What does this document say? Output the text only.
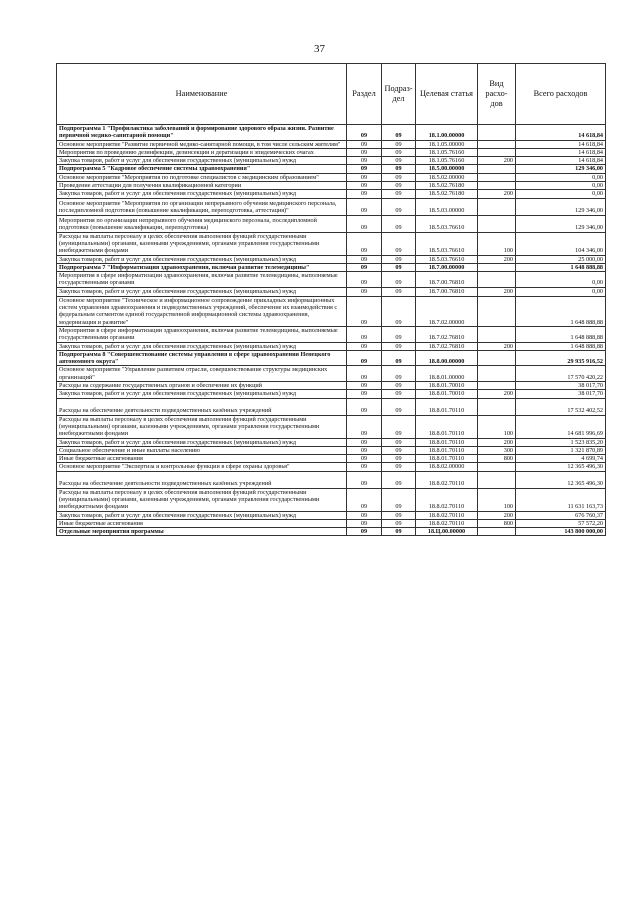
37
Наименование	Раздел	Подраз-дел	Целевая статья	Вид расхо-дов	Всего расходов
Подпрограмма 1 "Профилактика заболеваний и формирование здорового образа жизни. Развитие первичной медико-санитарной помощи"	09	09	18.1.00.00000		14 618,84
Основное мероприятие "Развитие первичной медико-санитарной помощи, в том числе сельским жителям"	09	09	18.1.05.00000		14 618,84
Мероприятия по проведению дезинфекции, дезинсекции и дератизации в эпидемических очагах	09	09	18.1.05.76160		14 618,84
Закупка товаров, работ и услуг для обеспечения государственных (муниципальных) нужд	09	09	18.1.05.76160	200	14 618,84
Подпрограмма 5 "Кадровое обеспечение системы здравоохранения"	09	09	18.5.00.00000		129 346,00
Основное мероприятие "Мероприятия по подготовке специалистов с медицинским образованием"	09	09	18.5.02.00000		0,00
Проведение аттестации для получения квалификационной категории	09	09	18.5.02.76180		0,00
Закупка товаров, работ и услуг для обеспечения государственных (муниципальных) нужд	09	09	18.5.02.76180	200	0,00
Основное мероприятие "Мероприятия по организации непрерывного обучения медицинского персонала, последипломной подготовки (повышение квалификации, переподготовка, аттестация)"	09	09	18.5.03.00000		129 346,00
Мероприятия по организации непрерывного обучения медицинского персонала, последипломной подготовки (повышение квалификации, переподготовка)	09	09	18.5.03.76610		129 346,00
Расходы на выплаты персоналу в целях обеспечения выполнения функций государственными (муниципальными) органами, казенными учреждениями, органами управления государственными внебюджетными фондами	09	09	18.5.03.76610	100	104 346,00
Закупка товаров, работ и услуг для обеспечения государственных (муниципальных) нужд	09	09	18.5.03.76610	200	25 000,00
Подпрограмма 7 "Информатизация здравоохранения, включая развитие телемедицины"	09	09	18.7.00.00000		1 648 888,88
Мероприятия в сфере информатизации здравоохранения, включая развитие телемедицины, выполняемые государственными органами	09	09	18.7.00.76810		0,00
Закупка товаров, работ и услуг для обеспечения государственных (муниципальных) нужд	09	09	18.7.00.76810	200	0,00
Основное мероприятие "Техническое и информационное сопровождение прикладных информационных систем управления здравоохранения и подведомственных учреждений, обеспечение их взаимодействия с федеральным сегментом единой государственной информационной системы здравоохранения, модернизация и развитие"	09	09	18.7.02.00000		1 648 888,88
Мероприятия в сфере информатизации здравоохранения, включая развитие телемедицины, выполняемые государственными органами	09	09	18.7.02.76810		1 648 888,88
Закупка товаров, работ и услуг для обеспечения государственных (муниципальных) нужд	09	09	18.7.02.76810	200	1 648 888,88
Подпрограмма 8 "Совершенствование системы управления в сфере здравоохранения Ненецкого автономного округа"	09	09	18.8.00.00000		29 935 916,52
Основное мероприятие "Управление развитием отрасли, совершенствование структуры медицинских организаций"	09	09	18.8.01.00000		17 570 420,22
Расходы на содержание государственных органов и обеспечение их функций	09	09	18.8.01.70010		38 017,70
Закупка товаров, работ и услуг для обеспечения государственных (муниципальных) нужд	09	09	18.8.01.70010	200	38 017,70
Расходы на обеспечение деятельности подведомственных казённых учреждений	09	09	18.8.01.70110		17 532 402,52
Расходы на выплаты персоналу в целях обеспечения выполнения функций государственными (муниципальными) органами, казенными учреждениями, органами управления государственными внебюджетными фондами	09	09	18.8.01.70110	100	14 681 996,69
Закупка товаров, работ и услуг для обеспечения государственных (муниципальных) нужд	09	09	18.8.01.70110	200	1 523 835,20
Социальное обеспечение и иные выплаты населению	09	09	18.8.01.70110	300	1 321 870,89
Иные бюджетные ассигнования	09	09	18.8.01.70110	800	4 699,74
Основное мероприятие "Экспертиза и контрольные функции в сфере охраны здоровья"	09	09	18.8.02.00000		12 365 496,30
Расходы на обеспечение деятельности подведомственных казённых учреждений	09	09	18.8.02.70110		12 365 496,30
Расходы на выплаты персоналу в целях обеспечения выполнения функций государственными (муниципальными) органами, казенными учреждениями, органами управления государственными внебюджетными фондами	09	09	18.8.02.70110	100	11 631 163,73
Закупка товаров, работ и услуг для обеспечения государственных (муниципальных) нужд	09	09	18.8.02.70110	200	676 760,37
Иные бюджетные ассигнования	09	09	18.8.02.70110	800	57 572,20
Отдельные мероприятия программы	09	09	18.Ц.00.00000		143 800 000,00
